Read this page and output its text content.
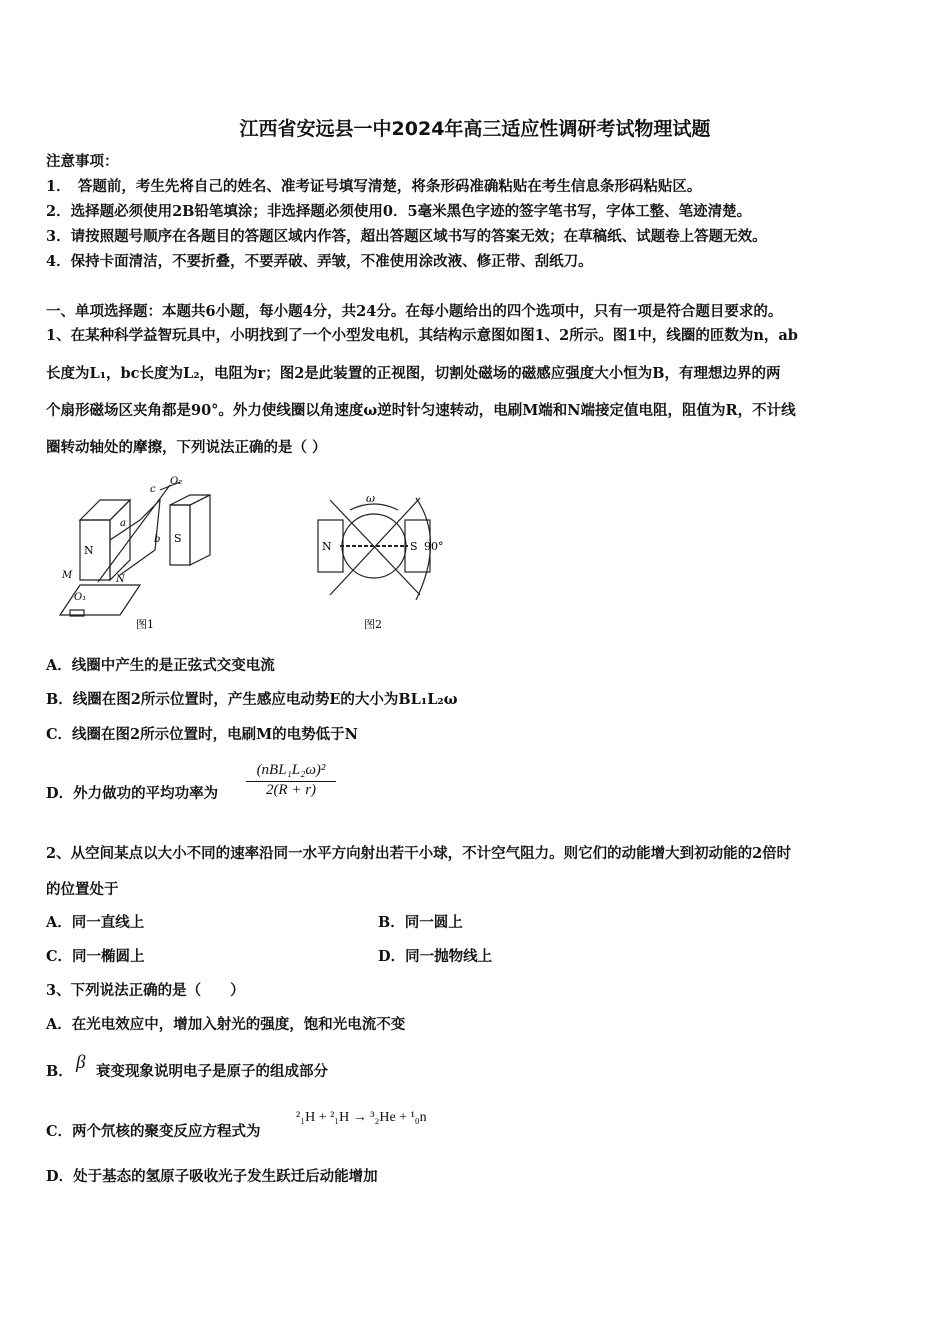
江西省安远县一中2024年高三适应性调研考试物理试题
注意事项：
1．　答题前，考生先将自己的姓名、准考证号填写清楚，将条形码准确粘贴在考生信息条形码粘贴区。
2．选择题必须使用2B铅笔填涂；非选择题必须使用0．5毫米黑色字迹的签字笔书写，字体工整、笔迹清楚。
3．请按照题号顺序在各题目的答题区域内作答，超出答题区域书写的答案无效；在草稿纸、试题卷上答题无效。
4．保持卡面清洁，不要折叠，不要弄破、弄皱，不准使用涂改液、修正带、刮纸刀。
一、单项选择题：本题共6小题，每小题4分，共24分。在每小题给出的四个选项中，只有一项是符合题目要求的。
1、在某种科学益智玩具中，小明找到了一个小型发电机，其结构示意图如图1、2所示。图1中，线圈的匝数为n，ab
长度为L₁，bc长度为L₂，电阻为r；图2是此装置的正视图，切割处磁场的磁感应强度大小恒为B，有理想边界的两
个扇形磁场区夹角都是90°。外力使线圈以角速度ω逆时针匀速转动，电刷M端和N端接定值电阻，阻值为R，不计线
圈转动轴处的摩擦，下列说法正确的是（ ）
N
S
a
b
c
O₂
M	N
O₁
图1
ω
N	S 90°
图2
A．线圈中产生的是正弦式交变电流
B．线圈在图2所示位置时，产生感应电动势E的大小为BL₁L₂ω
C．线圈在图2所示位置时，电刷M的电势低于N
D．外力做功的平均功率为
(nBL₁L₂ω)²
2(R + r)
2、从空间某点以大小不同的速率沿同一水平方向射出若干小球，不计空气阻力。则它们的动能增大到初动能的2倍时
的位置处于
A．同一直线上	B．同一圆上
C．同一椭圆上	D．同一抛物线上
3、下列说法正确的是（　　）
A．在光电效应中，增加入射光的强度，饱和光电流不变
B． β 衰变现象说明电子是原子的组成部分
C．两个氘核的聚变反应方程式为
²₁H + ²₁H → ³₂He + ¹₀n
D．处于基态的氢原子吸收光子发生跃迁后动能增加
